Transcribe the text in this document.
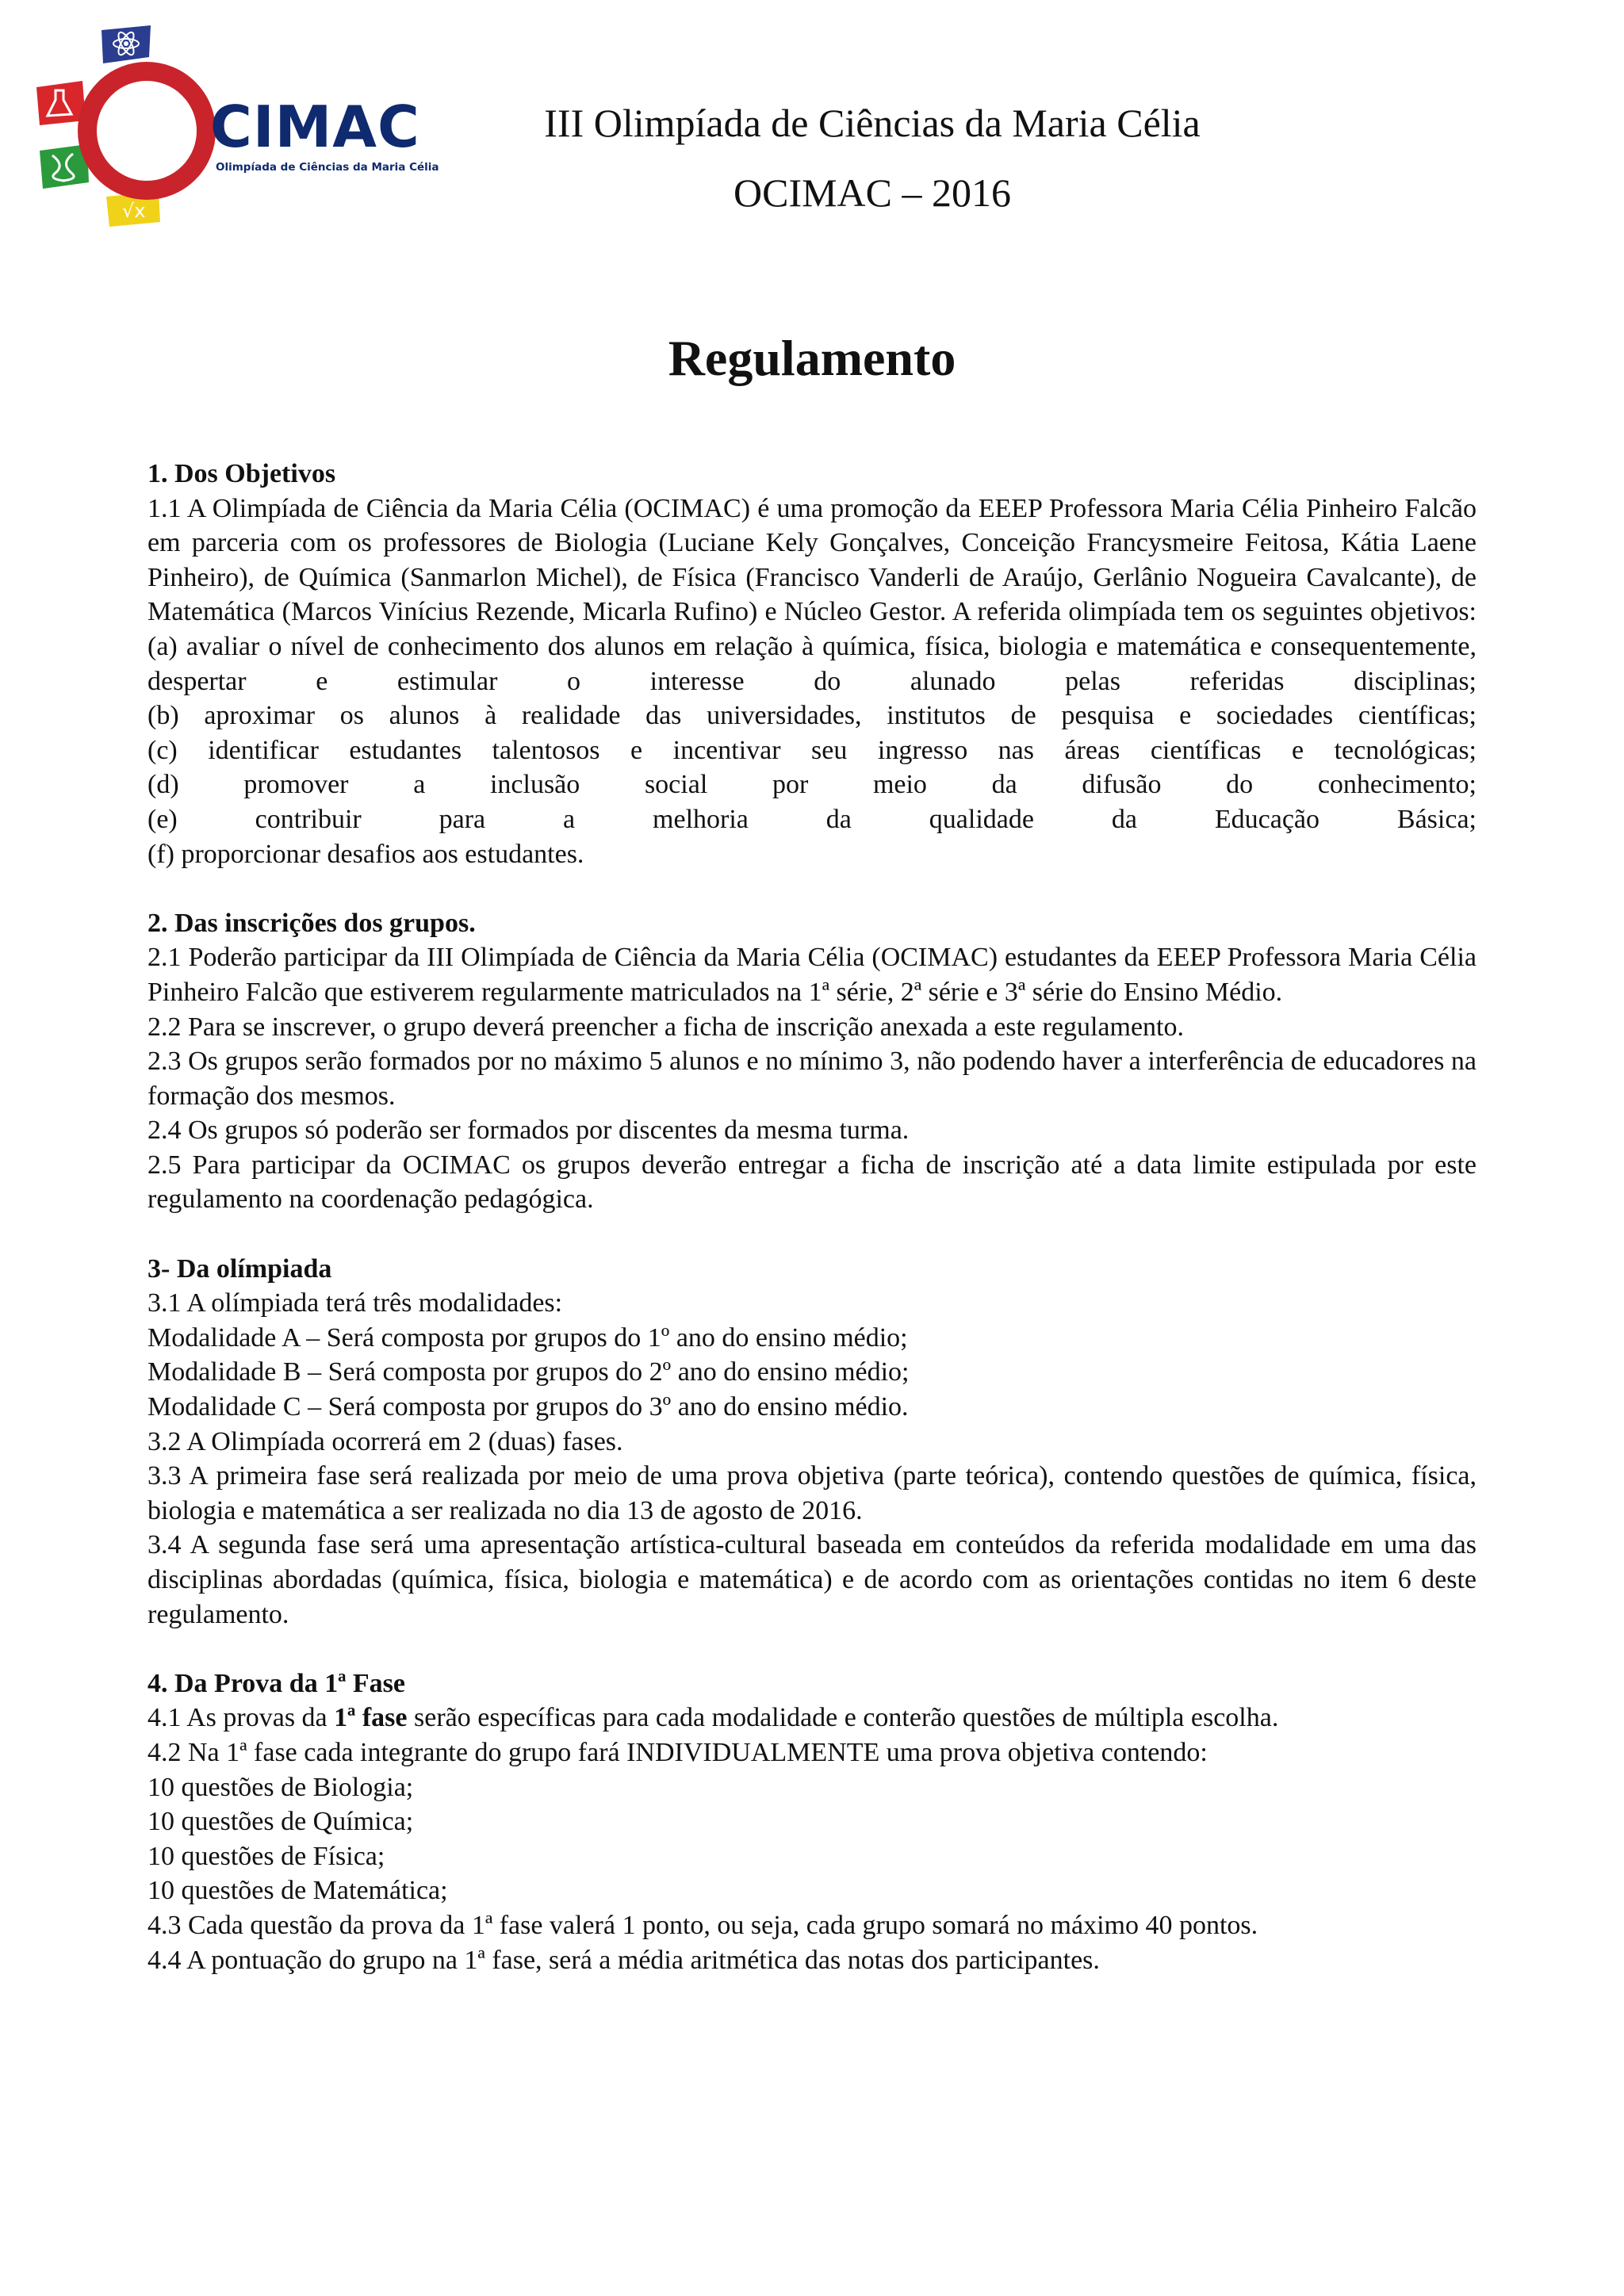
√x
CIMAC
Olimpíada de Ciências da Maria Célia
III Olimpíada de Ciências da Maria Célia
OCIMAC – 2016
Regulamento

1. Dos Objetivos

1.1 A Olimpíada de Ciência da Maria Célia (OCIMAC) é uma promoção da EEEP Professora Maria Célia Pinheiro Falcão em parceria com os professores de Biologia (Luciane Kely Gonçalves, Conceição Francysmeire Feitosa, Kátia Laene Pinheiro), de Química (Sanmarlon Michel), de Física (Francisco Vanderli de Araújo, Gerlânio Nogueira Cavalcante), de Matemática (Marcos Vinícius Rezende, Micarla Rufino) e Núcleo Gestor. A referida olimpíada tem os seguintes objetivos:

(a) avaliar o nível de conhecimento dos alunos em relação à química, física, biologia e matemática e consequentemente, despertar e estimular o interesse do alunado pelas referidas disciplinas;

(b) aproximar os alunos à realidade das universidades, institutos de pesquisa e sociedades científicas;

(c) identificar estudantes talentosos e incentivar seu ingresso nas áreas científicas e tecnológicas;

(d) promover a inclusão social por meio da difusão do conhecimento;

(e) contribuir para a melhoria da qualidade da Educação Básica;

(f) proporcionar desafios aos estudantes.

2. Das inscrições dos grupos.

2.1 Poderão participar da III Olimpíada de Ciência da Maria Célia (OCIMAC) estudantes da EEEP Professora Maria Célia Pinheiro Falcão que estiverem regularmente matriculados na 1ª série, 2ª série e 3ª série do Ensino Médio.

2.2 Para se inscrever, o grupo deverá preencher a ficha de inscrição anexada a este regulamento.

2.3 Os grupos serão formados por no máximo 5 alunos e no mínimo 3, não podendo haver a interferência de educadores na formação dos mesmos.

2.4 Os grupos só poderão ser formados por discentes da mesma turma.

2.5 Para participar da OCIMAC os grupos deverão entregar a ficha de inscrição até a data limite estipulada por este regulamento na coordenação pedagógica.

3- Da olímpiada

3.1 A olímpiada terá três modalidades:

Modalidade A – Será composta por grupos do 1º ano do ensino médio;

Modalidade B – Será composta por grupos do 2º ano do ensino médio;

Modalidade C – Será composta por grupos do 3º ano do ensino médio.

3.2 A Olimpíada ocorrerá em 2 (duas) fases.

3.3 A primeira fase será realizada por meio de uma prova objetiva (parte teórica), contendo questões de química, física, biologia e matemática a ser realizada no dia 13 de agosto de 2016.

3.4 A segunda fase será uma apresentação artística-cultural baseada em conteúdos da referida modalidade em uma das disciplinas abordadas (química, física, biologia e matemática) e de acordo com as orientações contidas no item 6 deste regulamento.

4. Da Prova da 1ª Fase

4.1 As provas da 1ª fase serão específicas para cada modalidade e conterão questões de múltipla escolha.

4.2 Na 1ª fase cada integrante do grupo fará INDIVIDUALMENTE uma prova objetiva contendo:

10 questões de Biologia;

10 questões de Química;

10 questões de Física;

10 questões de Matemática;

4.3 Cada questão da prova da 1ª fase valerá 1 ponto, ou seja, cada grupo somará no máximo 40 pontos.

4.4 A pontuação do grupo na 1ª fase, será a média aritmética das notas dos participantes.
